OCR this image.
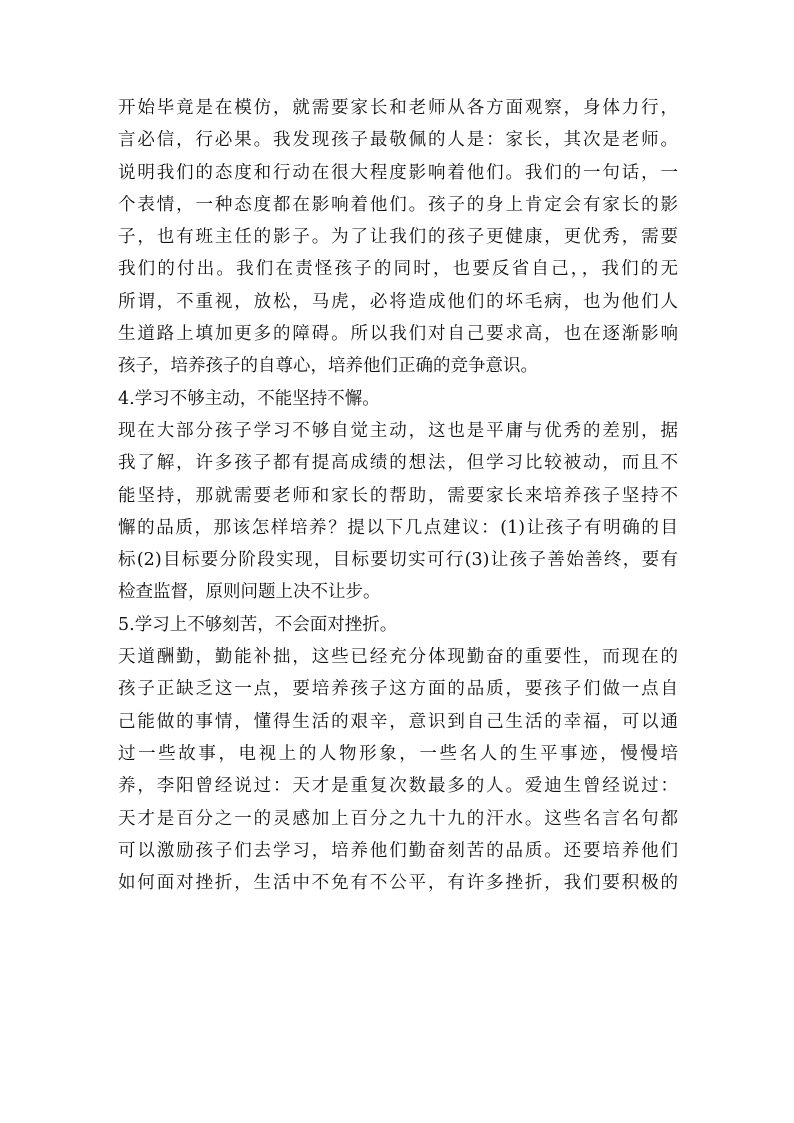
开始毕竟是在模仿，就需要家长和老师从各方面观察，身体力行，
言必信，行必果。我发现孩子最敬佩的人是：家长，其次是老师。
说明我们的态度和行动在很大程度影响着他们。我们的一句话，一
个表情，一种态度都在影响着他们。孩子的身上肯定会有家长的影
子，也有班主任的影子。为了让我们的孩子更健康，更优秀，需要
我们的付出。我们在责怪孩子的同时，也要反省自己，，我们的无
所谓，不重视，放松，马虎，必将造成他们的坏毛病，也为他们人
生道路上填加更多的障碍。所以我们对自己要求高，也在逐渐影响
孩子，培养孩子的自尊心，培养他们正确的竞争意识。
4.学习不够主动，不能坚持不懈。
现在大部分孩子学习不够自觉主动，这也是平庸与优秀的差别，据
我了解，许多孩子都有提高成绩的想法，但学习比较被动，而且不
能坚持，那就需要老师和家长的帮助，需要家长来培养孩子坚持不
懈的品质，那该怎样培养？提以下几点建议：(1)让孩子有明确的目
标(2)目标要分阶段实现，目标要切实可行(3)让孩子善始善终，要有
检查监督，原则问题上决不让步。
5.学习上不够刻苦，不会面对挫折。
天道酬勤，勤能补拙，这些已经充分体现勤奋的重要性，而现在的
孩子正缺乏这一点，要培养孩子这方面的品质，要孩子们做一点自
己能做的事情，懂得生活的艰辛，意识到自己生活的幸福，可以通
过一些故事，电视上的人物形象，一些名人的生平事迹，慢慢培
养，李阳曾经说过：天才是重复次数最多的人。爱迪生曾经说过：
天才是百分之一的灵感加上百分之九十九的汗水。这些名言名句都
可以激励孩子们去学习，培养他们勤奋刻苦的品质。还要培养他们
如何面对挫折，生活中不免有不公平，有许多挫折，我们要积极的
